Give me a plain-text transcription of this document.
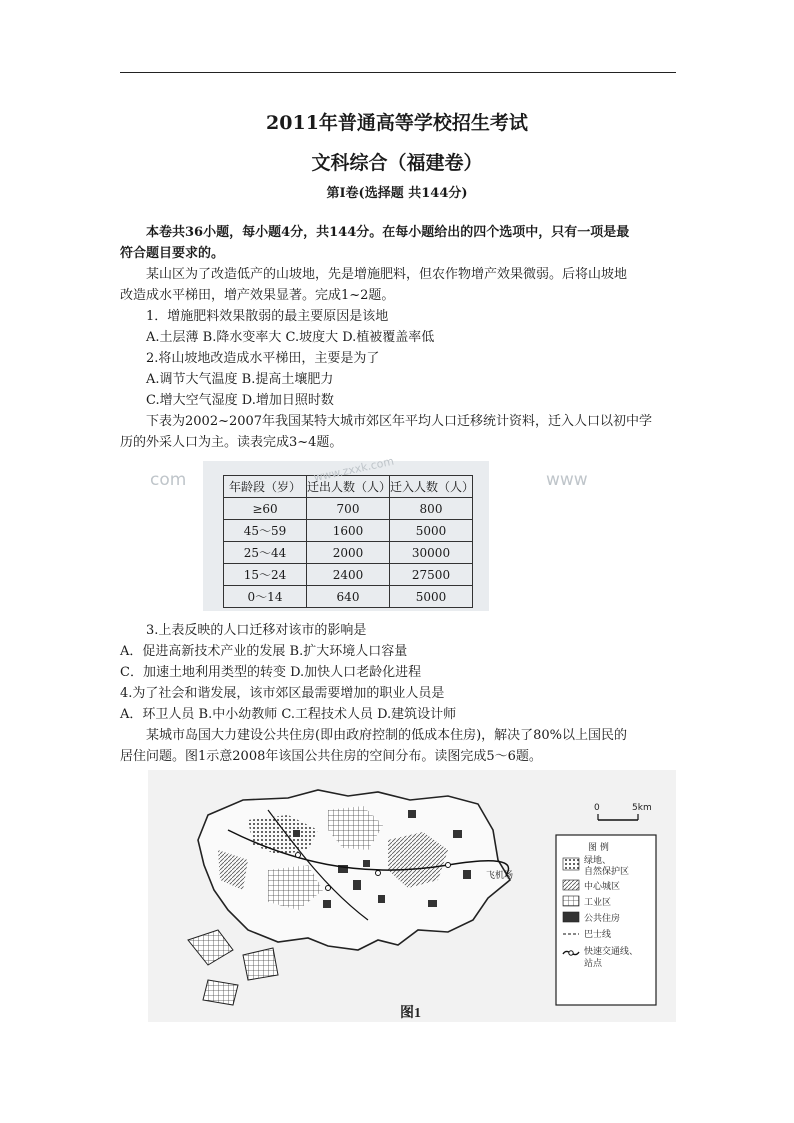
2011年普通高等学校招生考试
文科综合（福建卷）
第Ⅰ卷(选择题 共144分)
本卷共36小题，每小题4分，共144分。在每小题给出的四个选项中，只有一项是最
符合题目要求的。
某山区为了改造低产的山坡地，先是增施肥料，但农作物增产效果微弱。后将山坡地
改造成水平梯田，增产效果显著。完成1~2题。
1．增施肥料效果散弱的最主要原因是该地
A.土层薄 B.降水变率大 C.坡度大 D.植被覆盖率低
2.将山坡地改造成水平梯田，主要是为了
A.调节大气温度 B.提高土壤肥力
C.增大空气湿度 D.增加日照时数
下表为2002~2007年我国某特大城市郊区年平均人口迁移统计资料，迁入人口以初中学
历的外采人口为主。读表完成3~4题。
com	www
年龄段（岁）	迁出人数（人）	迁入人数（人）
≥60	700	800
45～59	1600	5000
25～44	2000	30000
15～24	2400	27500
0～14	640	5000
www.zxxk.com
3.上表反映的人口迁移对该市的影响是
A．促进高新技术产业的发展 B.扩大环境人口容量
C．加速土地利用类型的转变 D.加快人口老龄化进程
4.为了社会和谐发展，该市郊区最需要增加的职业人员是
A．环卫人员 B.中小幼教师 C.工程技术人员 D.建筑设计师
某城市岛国大力建设公共住房(即由政府控制的低成本住房)，解决了80%以上国民的
居住问题。图1示意2008年该国公共住房的空间分布。读图完成5～6题。
飞机场
0	5km
图 例
绿地、
自然保护区
中心城区
工业区
公共住房
巴士线
快速交通线、
站点
图1
